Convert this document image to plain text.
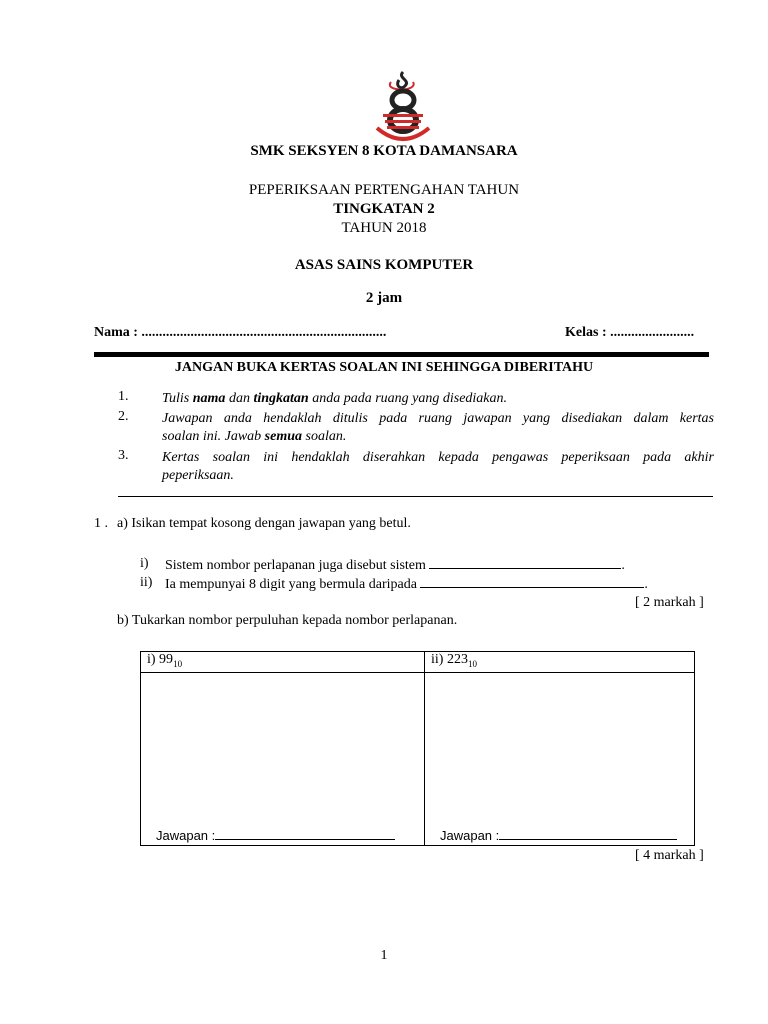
SMK SEKSYEN 8 KOTA DAMANSARA
PEPERIKSAAN PERTENGAHAN TAHUN
TINGKATAN 2
TAHUN 2018
ASAS SAINS KOMPUTER
2 jam
Nama : ......................................................................	Kelas : ........................
JANGAN BUKA KERTAS SOALAN INI SEHINGGA DIBERITAHU
1. Tulis nama dan tingkatan anda pada ruang yang disediakan.
2. Jawapan anda hendaklah ditulis pada ruang jawapan yang disediakan dalam kertas
soalan ini. Jawab semua soalan.
3. Kertas soalan ini hendaklah diserahkan kepada pengawas peperiksaan pada akhir
peperiksaan.
1 . a) Isikan tempat kosong dengan jawapan yang betul.
i) Sistem nombor perlapanan juga disebut sistem	.
ii) Ia mempunyai 8 digit yang bermula daripada	.
[ 2 markah ]
b) Tukarkan nombor perpuluhan kepada nombor perlapanan.
i) $99_{10}$	ii) $223_{10}$

Jawapan :	Jawapan :
[ 4 markah ]
1
